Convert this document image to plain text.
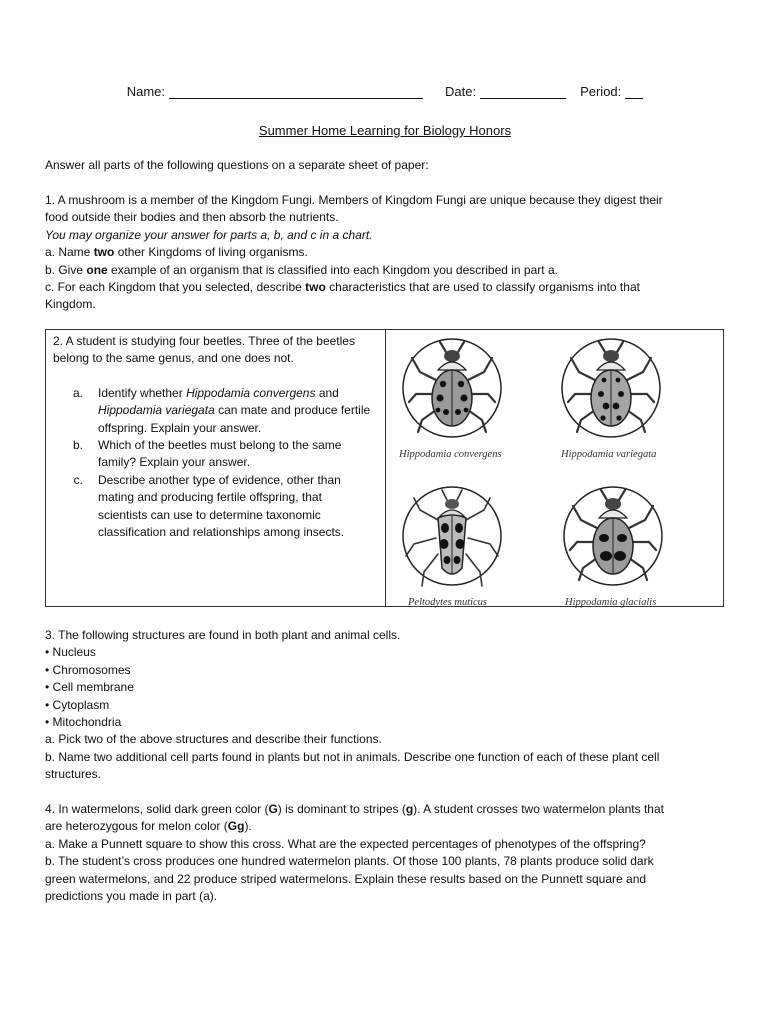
Name:	Date:	Period:
Summer Home Learning for Biology Honors

Answer all parts of the following questions on a separate sheet of paper:

1. A mushroom is a member of the Kingdom Fungi. Members of Kingdom Fungi are unique because they digest their

food outside their bodies and then absorb the nutrients.

You may organize your answer for parts a, b, and c in a chart.

a. Name two other Kingdoms of living organisms.

b. Give one example of an organism that is classified into each Kingdom you described in part a.

c. For each Kingdom that you selected, describe two characteristics that are used to classify organisms into that

Kingdom.

2. A student is studying four beetles. Three of the beetles

belong to the same genus, and one does not.

a.	Identify whether Hippodamia convergens and Hippodamia variegata can mate and produce fertile offspring. Explain your answer.
b.	Which of the beetles must belong to the same family? Explain your answer.
c.	Describe another type of evidence, other than mating and producing fertile offspring, that scientists can use to determine taxonomic classification and relationships among insects.
Hippodamia convergens	Hippodamia variegata
Peltodytes muticus	Hippodamia glacialis

3. The following structures are found in both plant and animal cells.

• Nucleus

• Chromosomes

• Cell membrane

• Cytoplasm

• Mitochondria

a. Pick two of the above structures and describe their functions.

b. Name two additional cell parts found in plants but not in animals. Describe one function of each of these plant cell

structures.

4. In watermelons, solid dark green color (G) is dominant to stripes (g). A student crosses two watermelon plants that

are heterozygous for melon color (Gg).

a. Make a Punnett square to show this cross. What are the expected percentages of phenotypes of the offspring?

b. The student’s cross produces one hundred watermelon plants. Of those 100 plants, 78 plants produce solid dark

green watermelons, and 22 produce striped watermelons. Explain these results based on the Punnett square and

predictions you made in part (a).
